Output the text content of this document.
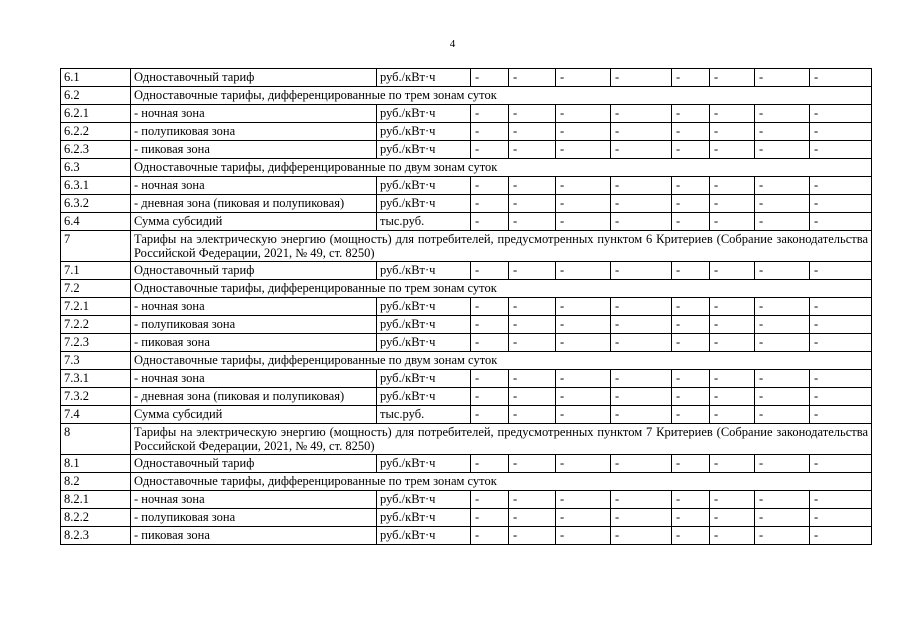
4
6.1	Одноставочный тариф	руб./кВт·ч	-	-	-	-	-	-	-	-
6.2	Одноставочные тарифы, дифференцированные по трем зонам суток									
6.2.1	- ночная зона	руб./кВт·ч	-	-	-	-	-	-	-	-
6.2.2	- полупиковая зона	руб./кВт·ч	-	-	-	-	-	-	-	-
6.2.3	- пиковая зона	руб./кВт·ч	-	-	-	-	-	-	-	-
6.3	Одноставочные тарифы, дифференцированные по двум зонам суток									
6.3.1	- ночная зона	руб./кВт·ч	-	-	-	-	-	-	-	-
6.3.2	- дневная зона (пиковая и полупиковая)	руб./кВт·ч	-	-	-	-	-	-	-	-
6.4	Сумма субсидий	тыс.руб.	-	-	-	-	-	-	-	-
7	Тарифы на электрическую энергию (мощность) для потребителей, предусмотренных пунктом 6 Критериев (Собрание законодательства Российской Федерации, 2021, № 49, ст. 8250)									
7.1	Одноставочный тариф	руб./кВт·ч	-	-	-	-	-	-	-	-
7.2	Одноставочные тарифы, дифференцированные по трем зонам суток									
7.2.1	- ночная зона	руб./кВт·ч	-	-	-	-	-	-	-	-
7.2.2	- полупиковая зона	руб./кВт·ч	-	-	-	-	-	-	-	-
7.2.3	- пиковая зона	руб./кВт·ч	-	-	-	-	-	-	-	-
7.3	Одноставочные тарифы, дифференцированные по двум зонам суток									
7.3.1	- ночная зона	руб./кВт·ч	-	-	-	-	-	-	-	-
7.3.2	- дневная зона (пиковая и полупиковая)	руб./кВт·ч	-	-	-	-	-	-	-	-
7.4	Сумма субсидий	тыс.руб.	-	-	-	-	-	-	-	-
8	Тарифы на электрическую энергию (мощность) для потребителей, предусмотренных пунктом 7 Критериев (Собрание законодательства Российской Федерации, 2021, № 49, ст. 8250)									
8.1	Одноставочный тариф	руб./кВт·ч	-	-	-	-	-	-	-	-
8.2	Одноставочные тарифы, дифференцированные по трем зонам суток									
8.2.1	- ночная зона	руб./кВт·ч	-	-	-	-	-	-	-	-
8.2.2	- полупиковая зона	руб./кВт·ч	-	-	-	-	-	-	-	-
8.2.3	- пиковая зона	руб./кВт·ч	-	-	-	-	-	-	-	-
